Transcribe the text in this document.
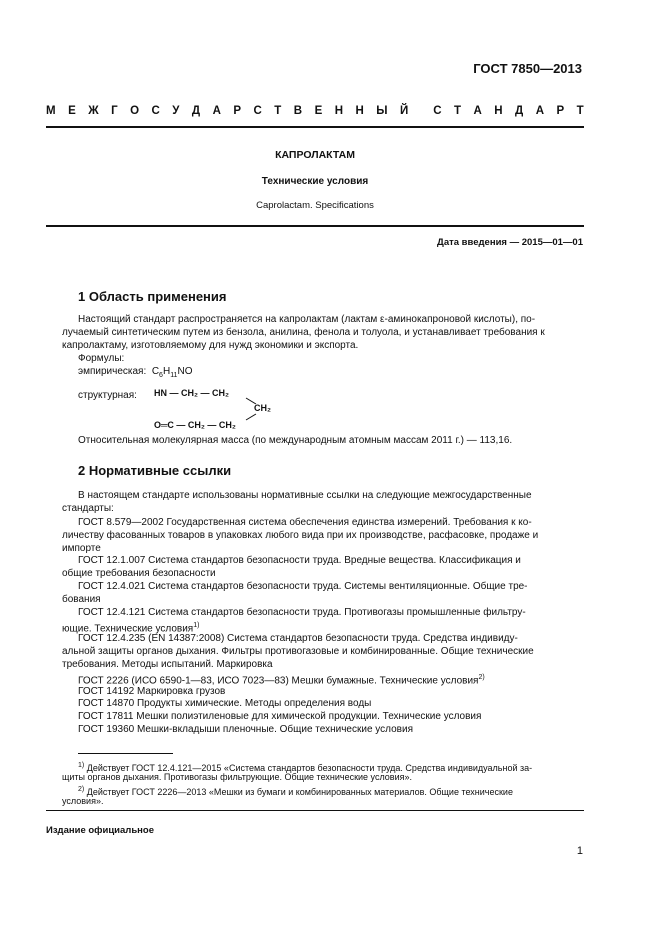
ГОСТ 7850—2013
М Е Ж Г О С У Д А Р С Т В Е Н Н Ы Й С Т А Н Д А Р Т
КАПРОЛАКТАМ
Технические условия
Caprolactam. Specifications
Дата введения — 2015—01—01
1 Область применения
Настоящий стандарт распространяется на капролактам (лактам ε-аминокапроновой кислоты), по-
лучаемый синтетическим путем из бензола, анилина, фенола и толуола, и устанавливает требования к
капролактаму, изготовляемому для нужд экономики и экспорта.
Формулы:
эмпирическая: $C_6H_{11}NO$
структурная: HN — CH₂ — CH₂
CH₂
O═C — CH₂ — CH₂
Относительная молекулярная масса (по международным атомным массам 2011 г.) — 113,16.
2 Нормативные ссылки
В настоящем стандарте использованы нормативные ссылки на следующие межгосударственные
стандарты:
ГОСТ 8.579—2002 Государственная система обеспечения единства измерений. Требования к ко-
личеству фасованных товаров в упаковках любого вида при их производстве, расфасовке, продаже и
импорте
ГОСТ 12.1.007 Система стандартов безопасности труда. Вредные вещества. Классификация и
общие требования безопасности
ГОСТ 12.4.021 Система стандартов безопасности труда. Системы вентиляционные. Общие тре-
бования
ГОСТ 12.4.121 Система стандартов безопасности труда. Противогазы промышленные фильтру-
ющие. Технические условия$^{1)}$
ГОСТ 12.4.235 (EN 14387:2008) Система стандартов безопасности труда. Средства индивиду-
альной защиты органов дыхания. Фильтры противогазовые и комбинированные. Общие технические
требования. Методы испытаний. Маркировка
ГОСТ 2226 (ИСО 6590-1—83, ИСО 7023—83) Мешки бумажные. Технические условия$^{2)}$
ГОСТ 14192 Маркировка грузов
ГОСТ 14870 Продукты химические. Методы определения воды
ГОСТ 17811 Мешки полиэтиленовые для химической продукции. Технические условия
ГОСТ 19360 Мешки-вкладыши пленочные. Общие технические условия
$^{1)}$ Действует ГОСТ 12.4.121—2015 «Система стандартов безопасности труда. Средства индивидуальной за-
щиты органов дыхания. Противогазы фильтрующие. Общие технические условия».
$^{2)}$ Действует ГОСТ 2226—2013 «Мешки из бумаги и комбинированных материалов. Общие технические
условия».
Издание официальное
1
